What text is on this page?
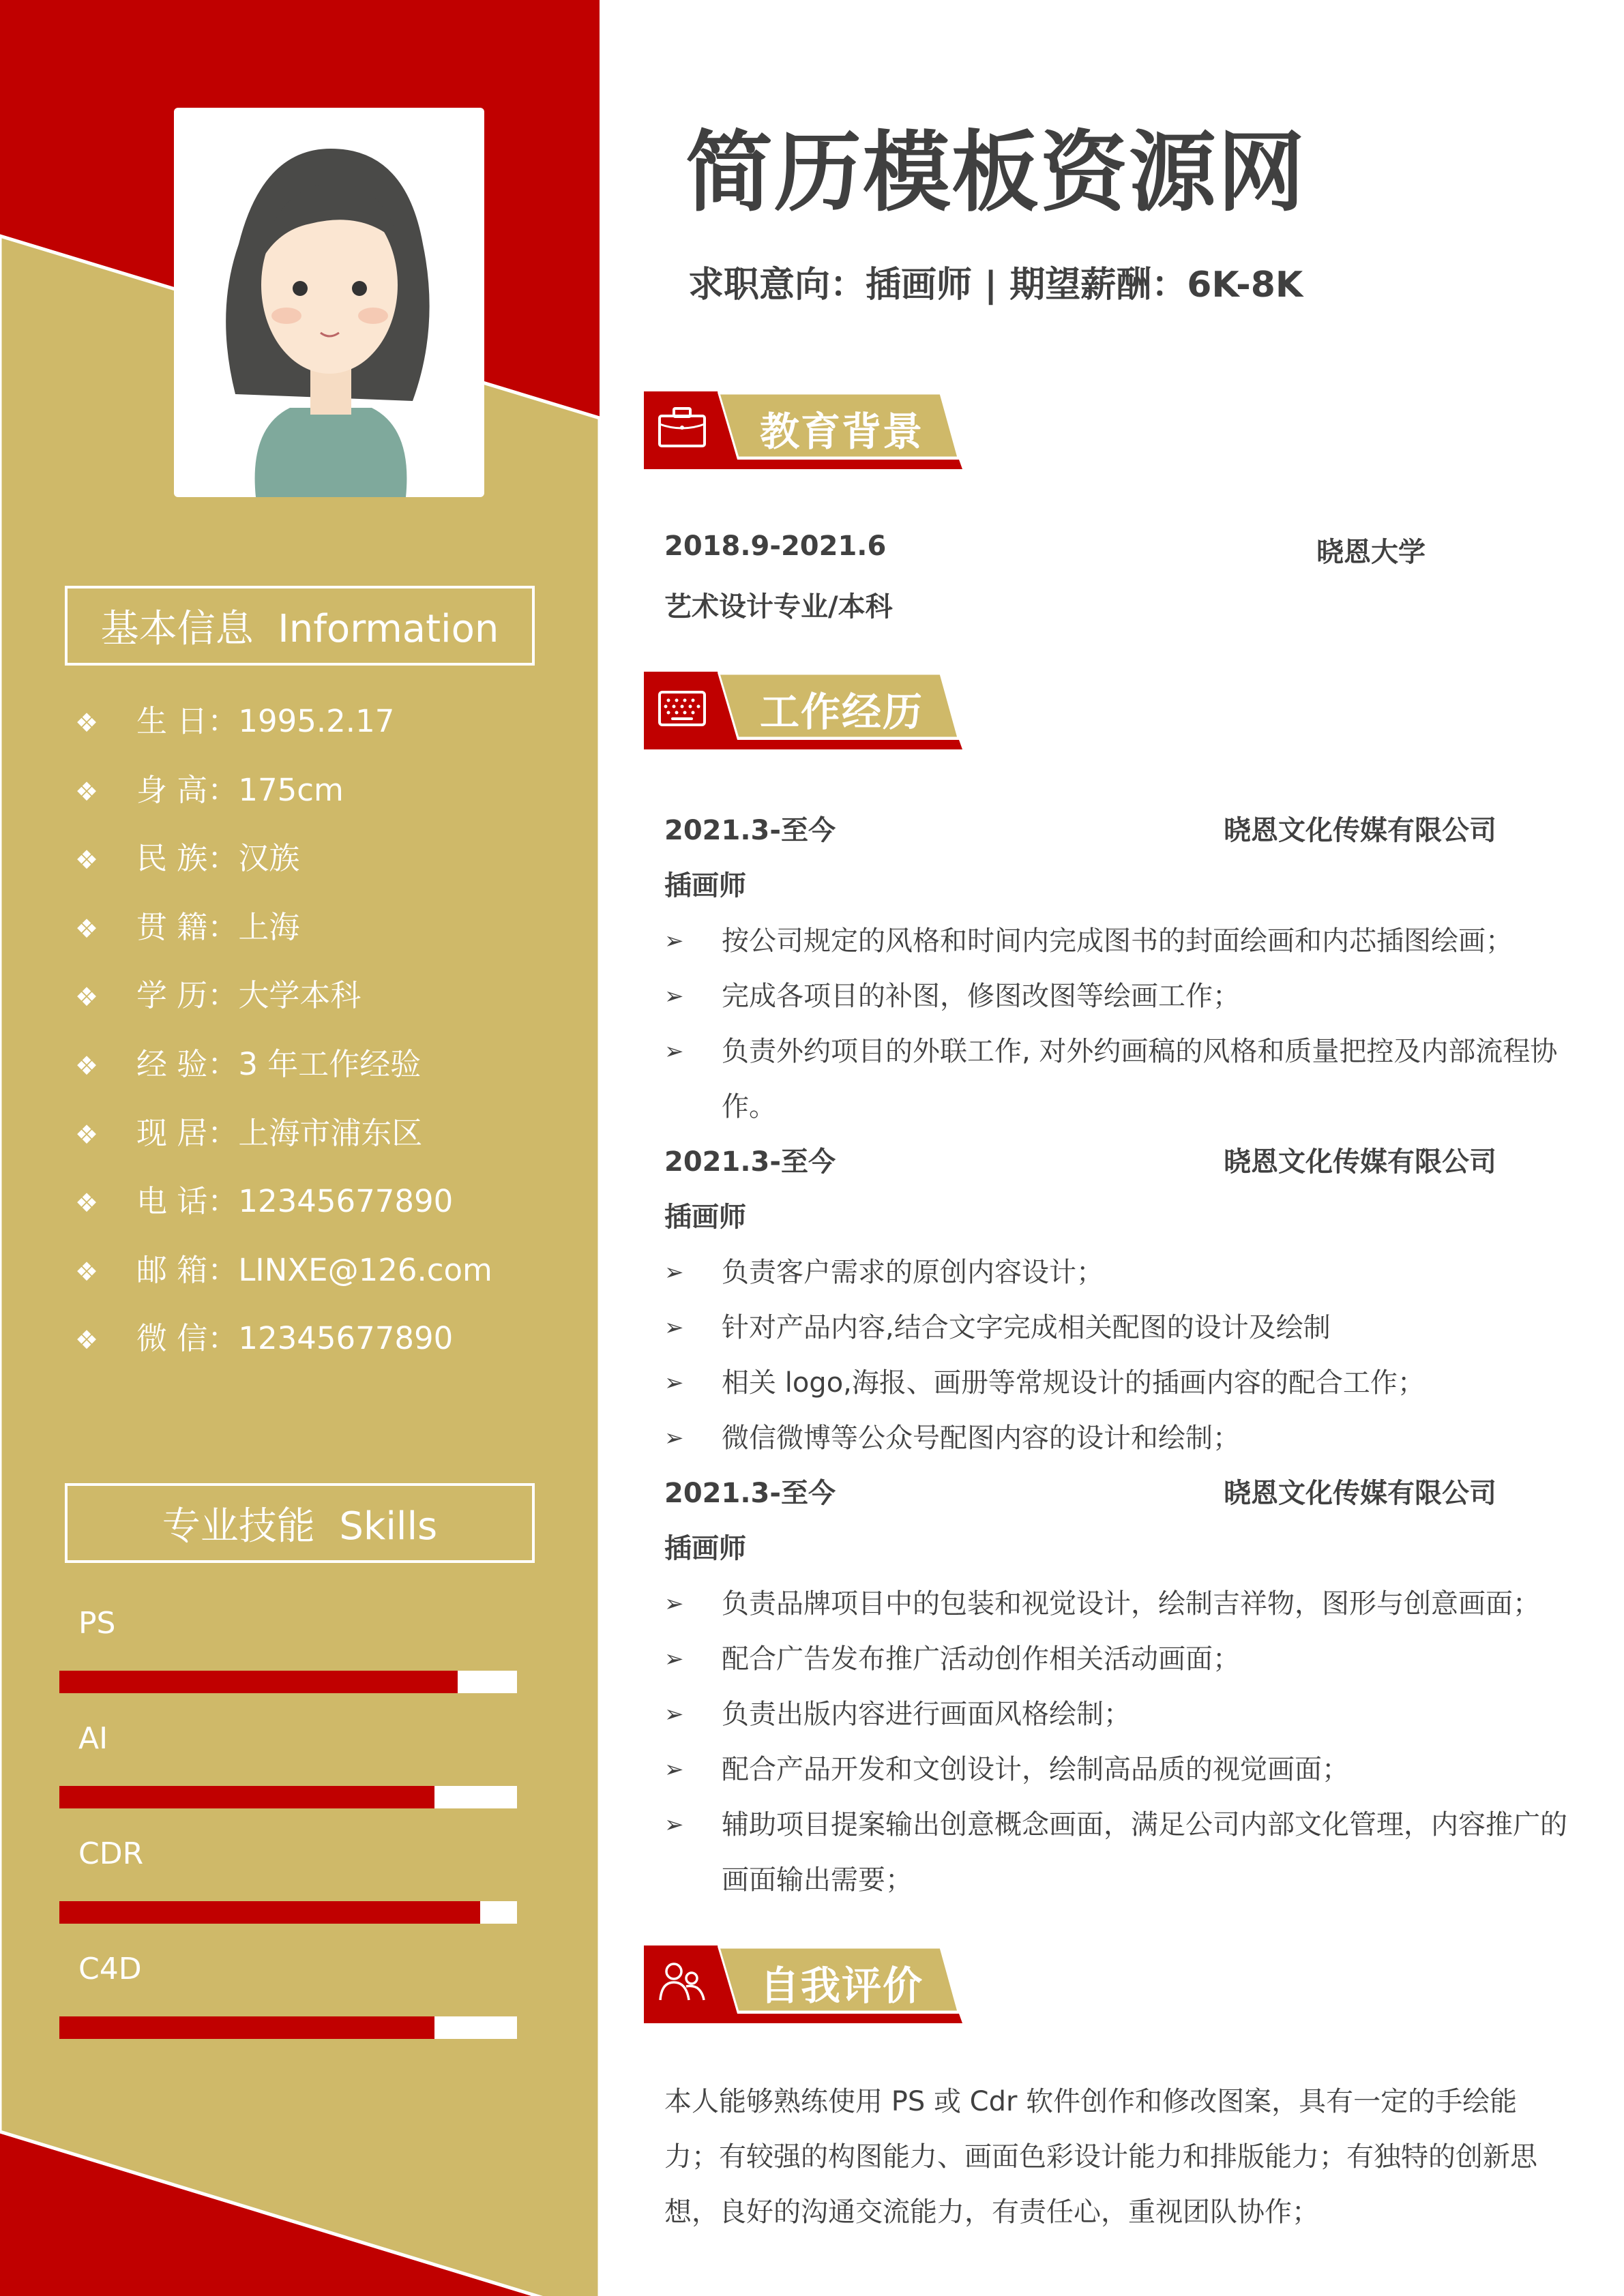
基本信息  Information
❖ 生 日：1995.2.17
❖ 身 高：175cm
❖ 民 族：汉族
❖ 贯 籍：上海
❖ 学 历：大学本科
❖ 经 验：3 年工作经验
❖ 现 居：上海市浦东区
❖ 电 话：12345677890
❖ 邮 箱：LINXE@126.com
❖ 微 信：12345677890
专业技能  Skills
PS
AI
CDR
C4D
简历模板资源网
求职意向：插画师 | 期望薪酬：6K-8K
教育背景
2018.9-2021.6	晓恩大学
艺术设计专业/本科
工作经历
2021.3-至今	晓恩文化传媒有限公司
插画师
➢ 按公司规定的风格和时间内完成图书的封面绘画和内芯插图绘画；
➢ 完成各项目的补图，修图改图等绘画工作；
➢ 负责外约项目的外联工作, 对外约画稿的风格和质量把控及内部流程协作。
2021.3-至今	晓恩文化传媒有限公司
插画师
➢ 负责客户需求的原创内容设计；
➢ 针对产品内容,结合文字完成相关配图的设计及绘制
➢ 相关 logo,海报、画册等常规设计的插画内容的配合工作；
➢ 微信微博等公众号配图内容的设计和绘制；
2021.3-至今	晓恩文化传媒有限公司
插画师
➢ 负责品牌项目中的包装和视觉设计，绘制吉祥物，图形与创意画面；
➢ 配合广告发布推广活动创作相关活动画面；
➢ 负责出版内容进行画面风格绘制；
➢ 配合产品开发和文创设计，绘制高品质的视觉画面；
➢ 辅助项目提案输出创意概念画面，满足公司内部文化管理，内容推广的画面输出需要；
自我评价
本人能够熟练使用 PS 或 Cdr 软件创作和修改图案，具有一定的手绘能力；有较强的构图能力、画面色彩设计能力和排版能力；有独特的创新思想，良好的沟通交流能力，有责任心，重视团队协作；
